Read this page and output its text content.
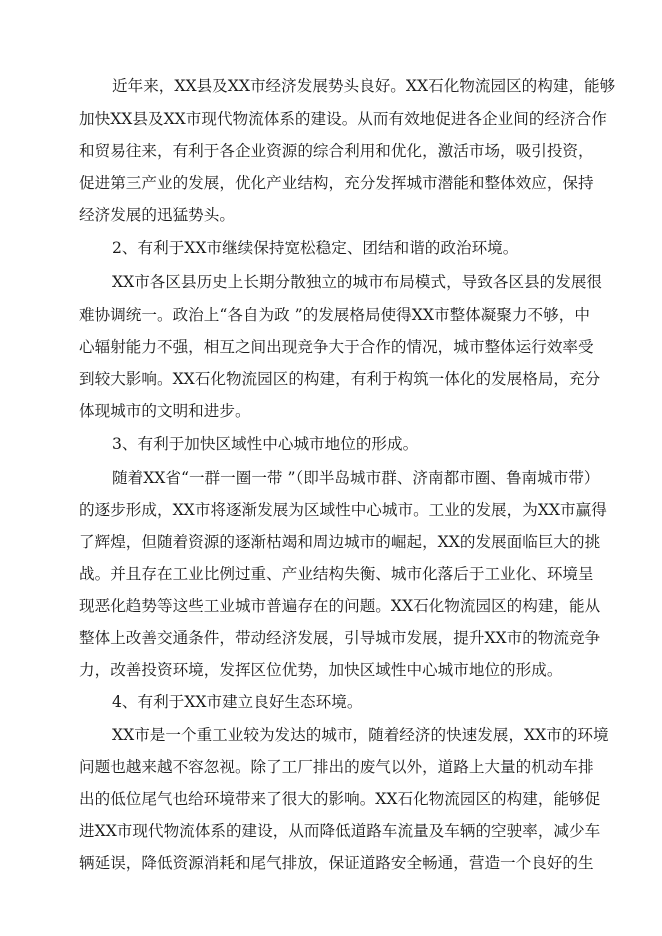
近年来，XX县及XX市经济发展势头良好。XX石化物流园区的构建，能够
加快XX县及XX市现代物流体系的建设。从而有效地促进各企业间的经济合作
和贸易往来，有利于各企业资源的综合利用和优化，激活市场，吸引投资，
促进第三产业的发展，优化产业结构，充分发挥城市潜能和整体效应，保持
经济发展的迅猛势头。
2、有利于XX市继续保持宽松稳定、团结和谐的政治环境。
XX市各区县历史上长期分散独立的城市布局模式，导致各区县的发展很
难协调统一。政治上“各自为政 ”的发展格局使得XX市整体凝聚力不够，中
心辐射能力不强，相互之间出现竞争大于合作的情况，城市整体运行效率受
到较大影响。XX石化物流园区的构建，有利于构筑一体化的发展格局，充分
体现城市的文明和进步。
3、有利于加快区域性中心城市地位的形成。
随着XX省“一群一圈一带 ”（即半岛城市群、济南都市圈、鲁南城市带）
的逐步形成，XX市将逐渐发展为区域性中心城市。工业的发展，为XX市赢得
了辉煌，但随着资源的逐渐枯竭和周边城市的崛起，XX的发展面临巨大的挑
战。并且存在工业比例过重、产业结构失衡、城市化落后于工业化、环境呈
现恶化趋势等这些工业城市普遍存在的问题。XX石化物流园区的构建，能从
整体上改善交通条件，带动经济发展，引导城市发展，提升XX市的物流竞争
力，改善投资环境，发挥区位优势，加快区域性中心城市地位的形成。
4、有利于XX市建立良好生态环境。
XX市是一个重工业较为发达的城市，随着经济的快速发展，XX市的环境
问题也越来越不容忽视。除了工厂排出的废气以外，道路上大量的机动车排
出的低位尾气也给环境带来了很大的影响。XX石化物流园区的构建，能够促
进XX市现代物流体系的建设，从而降低道路车流量及车辆的空驶率，减少车
辆延误，降低资源消耗和尾气排放，保证道路安全畅通，营造一个良好的生
